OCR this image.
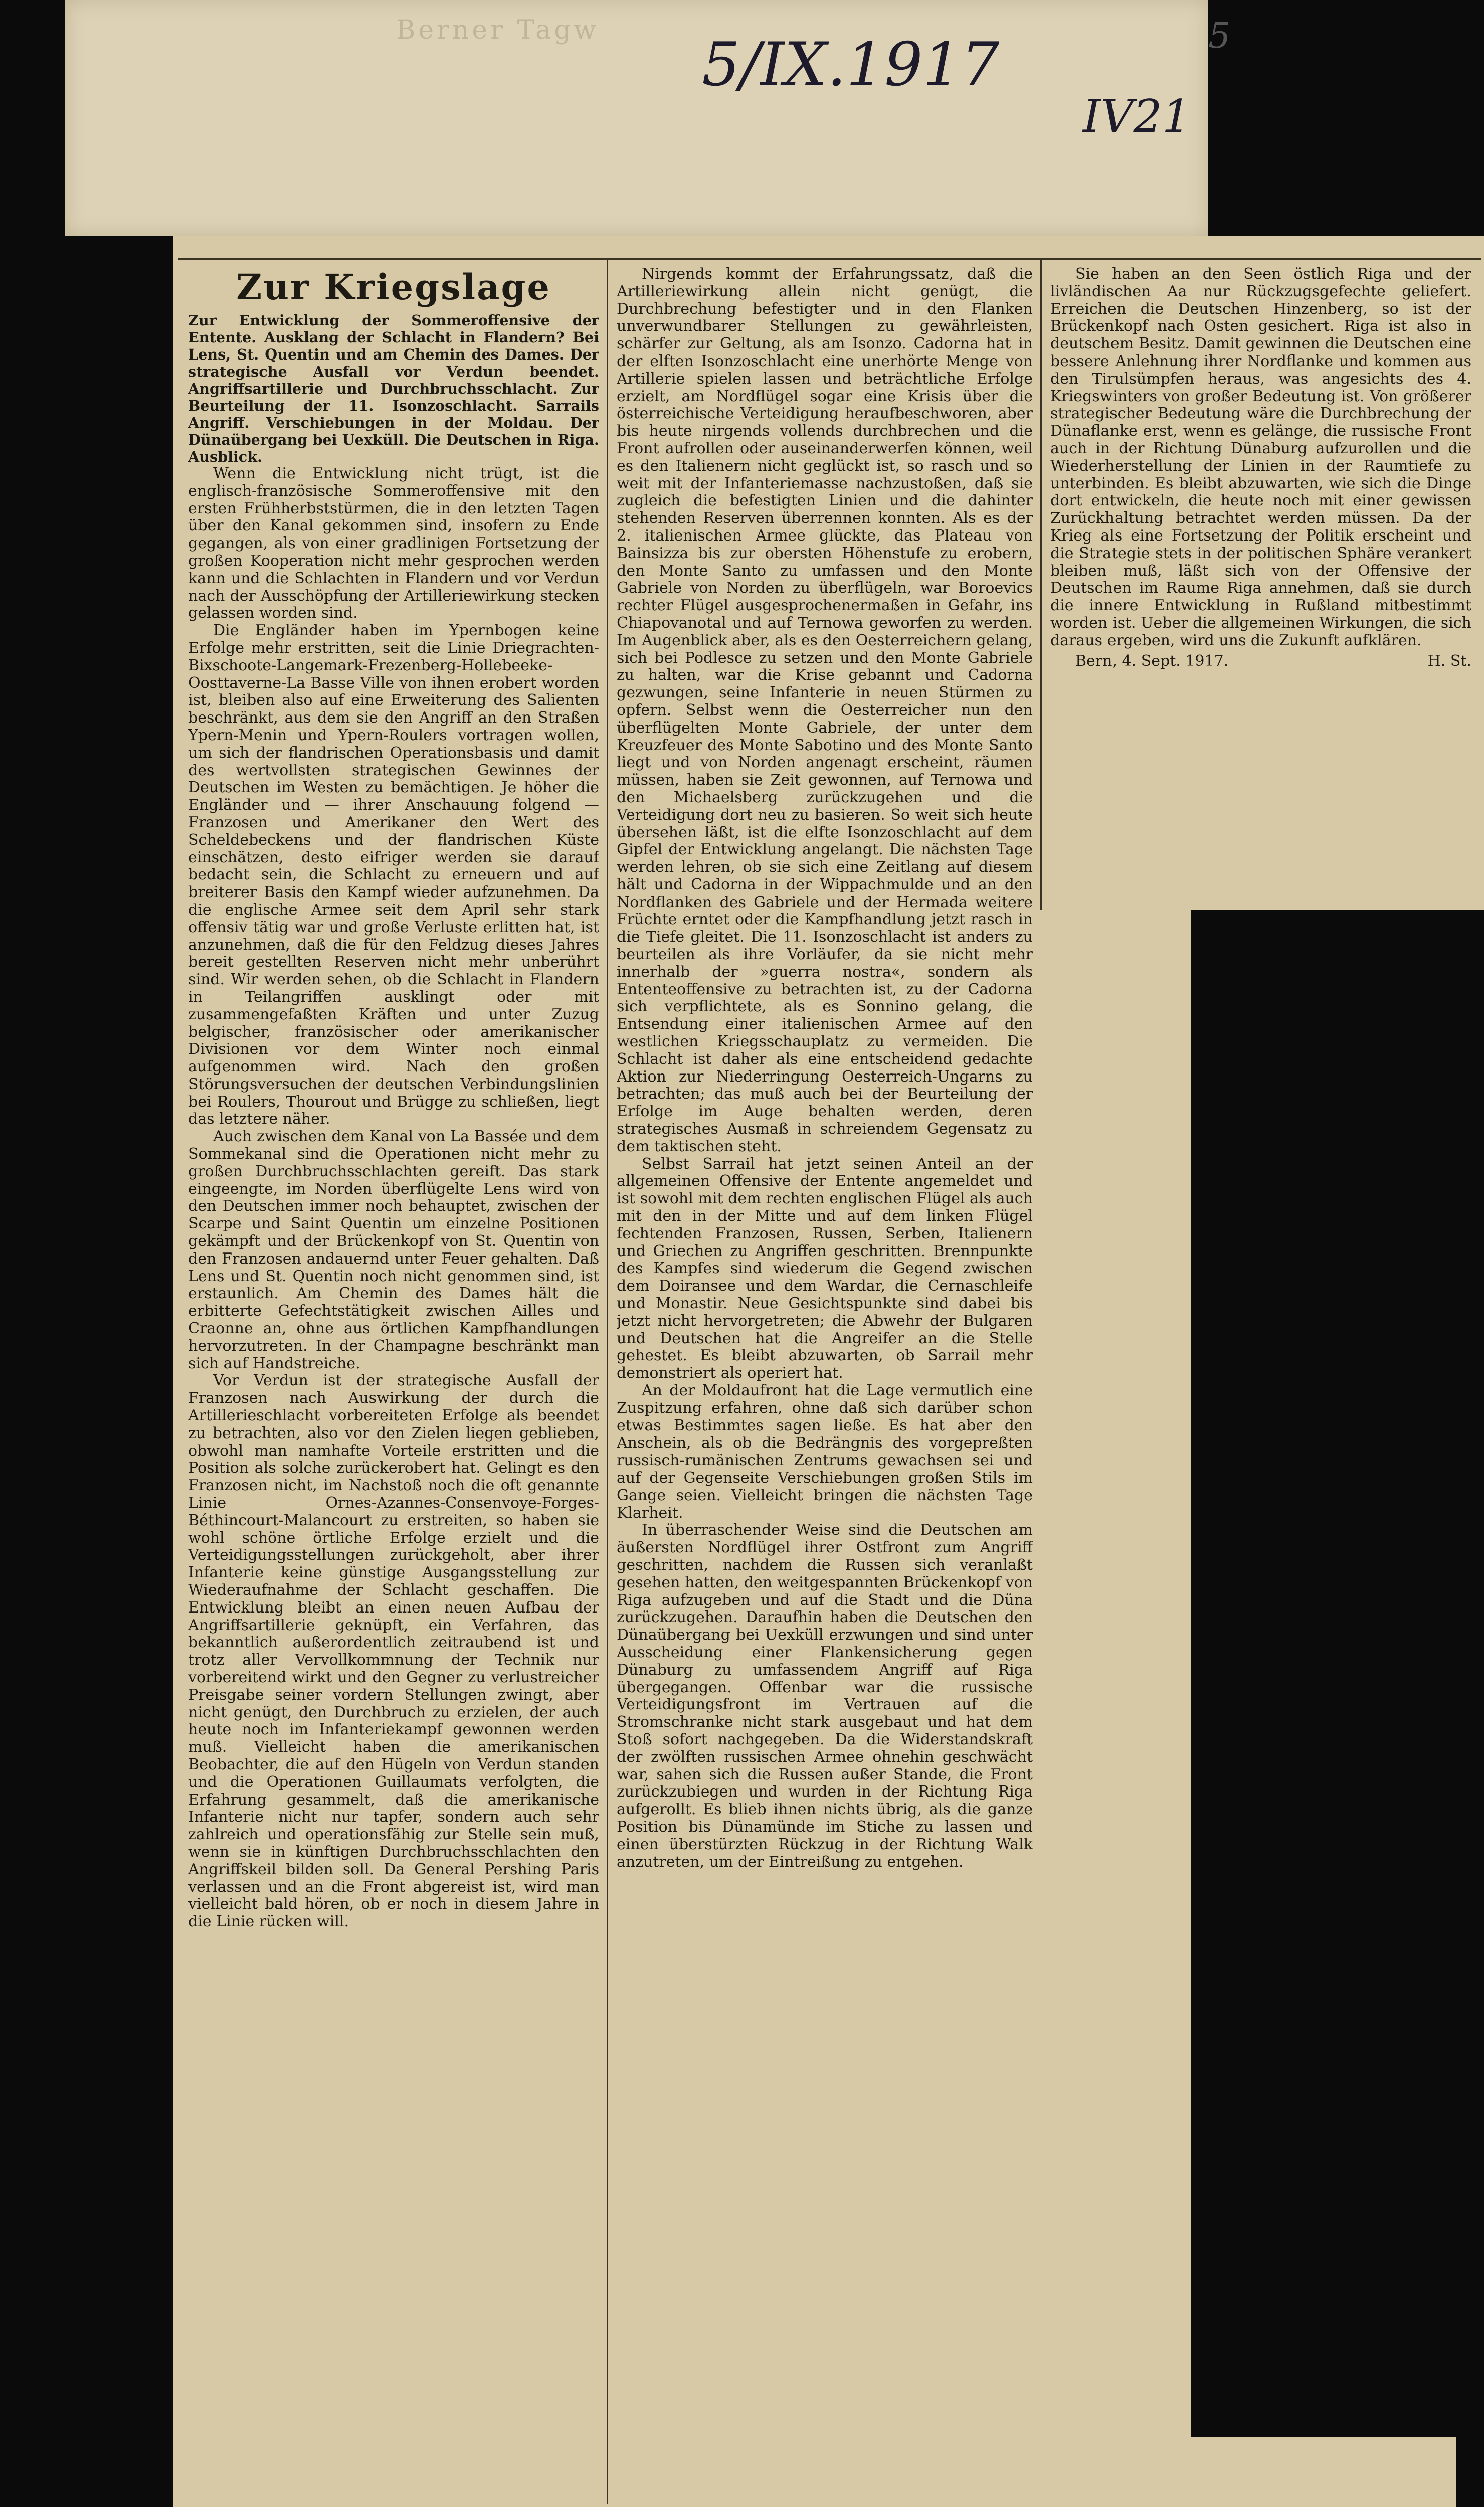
Berner Tagw 5/IX.1917
IV21
5
Zur Kriegslage

Zur Entwicklung der Sommeroffensive der Entente. Ausklang der Schlacht in Flandern? Bei Lens, St. Quentin und am Chemin des Dames. Der strategische Ausfall vor Verdun beendet. Angriffsartillerie und Durchbruchsschlacht. Zur Beurteilung der 11. Isonzoschlacht. Sarrails Angriff. Verschiebungen in der Moldau. Der Dünaübergang bei Uexküll. Die Deutschen in Riga. Ausblick.

Wenn die Entwicklung nicht trügt, ist die englisch-französische Sommeroffensive mit den ersten Frühherbststürmen, die in den letzten Tagen über den Kanal gekommen sind, insofern zu Ende gegangen, als von einer gradlinigen Fortsetzung der großen Kooperation nicht mehr gesprochen werden kann und die Schlachten in Flandern und vor Verdun nach der Ausschöpfung der Artilleriewirkung stecken gelassen worden sind.

Die Engländer haben im Ypernbogen keine Erfolge mehr erstritten, seit die Linie Driegrachten-Bixschoote-Langemark-Frezenberg-Hollebeeke-Oosttaverne-La Basse Ville von ihnen erobert worden ist, bleiben also auf eine Erweiterung des Salienten beschränkt, aus dem sie den Angriff an den Straßen Ypern-Menin und Ypern-Roulers vortragen wollen, um sich der flandrischen Operationsbasis und damit des wertvollsten strategischen Gewinnes der Deutschen im Westen zu bemächtigen. Je höher die Engländer und — ihrer Anschauung folgend — Franzosen und Amerikaner den Wert des Scheldebeckens und der flandrischen Küste einschätzen, desto eifriger werden sie darauf bedacht sein, die Schlacht zu erneuern und auf breiterer Basis den Kampf wieder aufzunehmen. Da die englische Armee seit dem April sehr stark offensiv tätig war und große Verluste erlitten hat, ist anzunehmen, daß die für den Feldzug dieses Jahres bereit gestellten Reserven nicht mehr unberührt sind. Wir werden sehen, ob die Schlacht in Flandern in Teilangriffen ausklingt oder mit zusammengefaßten Kräften und unter Zuzug belgischer, französischer oder amerikanischer Divisionen vor dem Winter noch einmal aufgenommen wird. Nach den großen Störungsversuchen der deutschen Verbindungslinien bei Roulers, Thourout und Brügge zu schließen, liegt das letztere näher.

Auch zwischen dem Kanal von La Bassée und dem Sommekanal sind die Operationen nicht mehr zu großen Durchbruchsschlachten gereift. Das stark eingeengte, im Norden überflügelte Lens wird von den Deutschen immer noch behauptet, zwischen der Scarpe und Saint Quentin um einzelne Positionen gekämpft und der Brückenkopf von St. Quentin von den Franzosen andauernd unter Feuer gehalten. Daß Lens und St. Quentin noch nicht genommen sind, ist erstaunlich. Am Chemin des Dames hält die erbitterte Gefechtstätigkeit zwischen Ailles und Craonne an, ohne aus örtlichen Kampfhandlungen hervorzutreten. In der Champagne beschränkt man sich auf Handstreiche.

Vor Verdun ist der strategische Ausfall der Franzosen nach Auswirkung der durch die Artillerieschlacht vorbereiteten Erfolge als beendet zu betrachten, also vor den Zielen liegen geblieben, obwohl man namhafte Vorteile erstritten und die Position als solche zurückerobert hat. Gelingt es den Franzosen nicht, im Nachstoß noch die oft genannte Linie Ornes-Azannes-Consenvoye-Forges-Béthincourt-Malancourt zu erstreiten, so haben sie wohl schöne örtliche Erfolge erzielt und die Verteidigungsstellungen zurückgeholt, aber ihrer Infanterie keine günstige Ausgangsstellung zur Wiederaufnahme der Schlacht geschaffen. Die Entwicklung bleibt an einen neuen Aufbau der Angriffsartillerie geknüpft, ein Verfahren, das bekanntlich außerordentlich zeitraubend ist und trotz aller Vervollkommnung der Technik nur vorbereitend wirkt und den Gegner zu verlustreicher Preisgabe seiner vordern Stellungen zwingt, aber nicht genügt, den Durchbruch zu erzielen, der auch heute noch im Infanteriekampf gewonnen werden muß. Vielleicht haben die amerikanischen Beobachter, die auf den Hügeln von Verdun standen und die Operationen Guillaumats verfolgten, die Erfahrung gesammelt, daß die amerikanische Infanterie nicht nur tapfer, sondern auch sehr zahlreich und operationsfähig zur Stelle sein muß, wenn sie in künftigen Durchbruchsschlachten den Angriffskeil bilden soll. Da General Pershing Paris verlassen und an die Front abgereist ist, wird man vielleicht bald hören, ob er noch in diesem Jahre in die Linie rücken will.

Nirgends kommt der Erfahrungssatz, daß die Artilleriewirkung allein nicht genügt, die Durchbrechung befestigter und in den Flanken unverwundbarer Stellungen zu gewährleisten, schärfer zur Geltung, als am Isonzo. Cadorna hat in der elften Isonzoschlacht eine unerhörte Menge von Artillerie spielen lassen und beträchtliche Erfolge erzielt, am Nordflügel sogar eine Krisis über die österreichische Verteidigung heraufbeschworen, aber bis heute nirgends vollends durchbrechen und die Front aufrollen oder auseinanderwerfen können, weil es den Italienern nicht geglückt ist, so rasch und so weit mit der Infanteriemasse nachzustoßen, daß sie zugleich die befestigten Linien und die dahinter stehenden Reserven überrennen konnten. Als es der 2. italienischen Armee glückte, das Plateau von Bainsizza bis zur obersten Höhenstufe zu erobern, den Monte Santo zu umfassen und den Monte Gabriele von Norden zu überflügeln, war Boroevics rechter Flügel ausgesprochenermaßen in Gefahr, ins Chiapovanotal und auf Ternowa geworfen zu werden. Im Augenblick aber, als es den Oesterreichern gelang, sich bei Podlesce zu setzen und den Monte Gabriele zu halten, war die Krise gebannt und Cadorna gezwungen, seine Infanterie in neuen Stürmen zu opfern. Selbst wenn die Oesterreicher nun den überflügelten Monte Gabriele, der unter dem Kreuzfeuer des Monte Sabotino und des Monte Santo liegt und von Norden angenagt erscheint, räumen müssen, haben sie Zeit gewonnen, auf Ternowa und den Michaelsberg zurückzugehen und die Verteidigung dort neu zu basieren. So weit sich heute übersehen läßt, ist die elfte Isonzoschlacht auf dem Gipfel der Entwicklung angelangt. Die nächsten Tage werden lehren, ob sie sich eine Zeitlang auf diesem hält und Cadorna in der Wippachmulde und an den Nordflanken des Gabriele und der Hermada weitere Früchte erntet oder die Kampfhandlung jetzt rasch in die Tiefe gleitet. Die 11. Isonzoschlacht ist anders zu beurteilen als ihre Vorläufer, da sie nicht mehr innerhalb der »guerra nostra«, sondern als Ententeoffensive zu betrachten ist, zu der Cadorna sich verpflichtete, als es Sonnino gelang, die Entsendung einer italienischen Armee auf den westlichen Kriegsschauplatz zu vermeiden. Die Schlacht ist daher als eine entscheidend gedachte Aktion zur Niederringung Oesterreich-Ungarns zu betrachten; das muß auch bei der Beurteilung der Erfolge im Auge behalten werden, deren strategisches Ausmaß in schreiendem Gegensatz zu dem taktischen steht.

Selbst Sarrail hat jetzt seinen Anteil an der allgemeinen Offensive der Entente angemeldet und ist sowohl mit dem rechten englischen Flügel als auch mit den in der Mitte und auf dem linken Flügel fechtenden Franzosen, Russen, Serben, Italienern und Griechen zu Angriffen geschritten. Brennpunkte des Kampfes sind wiederum die Gegend zwischen dem Doiransee und dem Wardar, die Cernaschleife und Monastir. Neue Gesichtspunkte sind dabei bis jetzt nicht hervorgetreten; die Abwehr der Bulgaren und Deutschen hat die Angreifer an die Stelle gehestet. Es bleibt abzuwarten, ob Sarrail mehr demonstriert als operiert hat.

An der Moldaufront hat die Lage vermutlich eine Zuspitzung erfahren, ohne daß sich darüber schon etwas Bestimmtes sagen ließe. Es hat aber den Anschein, als ob die Bedrängnis des vorgepreßten russisch-rumänischen Zentrums gewachsen sei und auf der Gegenseite Verschiebungen großen Stils im Gange seien. Vielleicht bringen die nächsten Tage Klarheit.

In überraschender Weise sind die Deutschen am äußersten Nordflügel ihrer Ostfront zum Angriff geschritten, nachdem die Russen sich veranlaßt gesehen hatten, den weitgespannten Brückenkopf von Riga aufzugeben und auf die Stadt und die Düna zurückzugehen. Daraufhin haben die Deutschen den Dünaübergang bei Uexküll erzwungen und sind unter Ausscheidung einer Flankensicherung gegen Dünaburg zu umfassendem Angriff auf Riga übergegangen. Offenbar war die russische Verteidigungsfront im Vertrauen auf die Stromschranke nicht stark ausgebaut und hat dem Stoß sofort nachgegeben. Da die Widerstandskraft der zwölften russischen Armee ohnehin geschwächt war, sahen sich die Russen außer Stande, die Front zurückzubiegen und wurden in der Richtung Riga aufgerollt. Es blieb ihnen nichts übrig, als die ganze Position bis Dünamünde im Stiche zu lassen und einen überstürzten Rückzug in der Richtung Walk anzutreten, um der Eintreißung zu entgehen.

Sie haben an den Seen östlich Riga und der livländischen Aa nur Rückzugsgefechte geliefert. Erreichen die Deutschen Hinzenberg, so ist der Brückenkopf nach Osten gesichert. Riga ist also in deutschem Besitz. Damit gewinnen die Deutschen eine bessere Anlehnung ihrer Nordflanke und kommen aus den Tirulsümpfen heraus, was angesichts des 4. Kriegswinters von großer Bedeutung ist. Von größerer strategischer Bedeutung wäre die Durchbrechung der Dünaflanke erst, wenn es gelänge, die russische Front auch in der Richtung Dünaburg aufzurollen und die Wiederherstellung der Linien in der Raumtiefe zu unterbinden. Es bleibt abzuwarten, wie sich die Dinge dort entwickeln, die heute noch mit einer gewissen Zurückhaltung betrachtet werden müssen. Da der Krieg als eine Fortsetzung der Politik erscheint und die Strategie stets in der politischen Sphäre verankert bleiben muß, läßt sich von der Offensive der Deutschen im Raume Riga annehmen, daß sie durch die innere Entwicklung in Rußland mitbestimmt worden ist. Ueber die allgemeinen Wirkungen, die sich daraus ergeben, wird uns die Zukunft aufklären.

Bern, 4. Sept. 1917.	H. St.
